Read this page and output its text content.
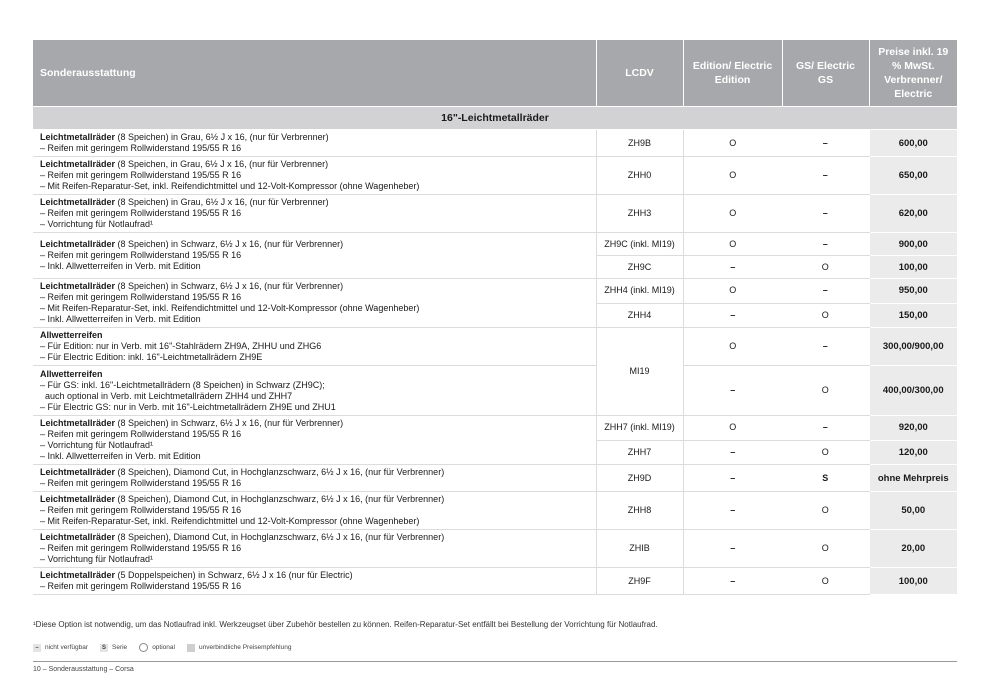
Sonderausstattung	LCDV	Edition/ Electric Edition	GS/ Electric GS	Preise inkl. 19 % MwSt. Verbrenner/ Electric
16"-Leichtmetallräder				
Leichtmetallräder (8 Speichen) in Grau, 6½ J x 16, (nur für Verbrenner)
– Reifen mit geringem Rollwiderstand 195/55 R 16	ZH9B	O	–	600,00
Leichtmetallräder (8 Speichen, in Grau, 6½ J x 16, (nur für Verbrenner)
– Reifen mit geringem Rollwiderstand 195/55 R 16
– Mit Reifen-Reparatur-Set, inkl. Reifendichtmittel und 12-Volt-Kompressor (ohne Wagenheber)	ZHH0	O	–	650,00
Leichtmetallräder (8 Speichen) in Grau, 6½ J x 16, (nur für Verbrenner)
– Reifen mit geringem Rollwiderstand 195/55 R 16
– Vorrichtung für Notlaufrad¹	ZHH3	O	–	620,00
Leichtmetallräder (8 Speichen) in Schwarz, 6½ J x 16, (nur für Verbrenner)
– Reifen mit geringem Rollwiderstand 195/55 R 16
– Inkl. Allwetterreifen in Verb. mit Edition	ZH9C (inkl. MI19)	O	–	900,00
	ZH9C	–	O	100,00
Leichtmetallräder (8 Speichen) in Schwarz, 6½ J x 16, (nur für Verbrenner)
– Reifen mit geringem Rollwiderstand 195/55 R 16
– Mit Reifen-Reparatur-Set, inkl. Reifendichtmittel und 12-Volt-Kompressor (ohne Wagenheber)
– Inkl. Allwetterreifen in Verb. mit Edition	ZHH4 (inkl. MI19)	O	–	950,00
	ZHH4	–	O	150,00
Allwetterreifen
– Für Edition: nur in Verb. mit 16"-Stahlrädern ZH9A, ZHHU und ZHG6
– Für Electric Edition: inkl. 16"-Leichtmetallrädern ZH9E	MI19	O	–	300,00/900,00
Allwetterreifen
– Für GS: inkl. 16"-Leichtmetallrädern (8 Speichen) in Schwarz (ZH9C);
auch optional in Verb. mit Leichtmetallrädern ZHH4 und ZHH7
– Für Electric GS: nur in Verb. mit 16"-Leichtmetallrädern ZH9E und ZHU1		–	O	400,00/300,00
Leichtmetallräder (8 Speichen) in Schwarz, 6½ J x 16, (nur für Verbrenner)
– Reifen mit geringem Rollwiderstand 195/55 R 16
– Vorrichtung für Notlaufrad¹
– Inkl. Allwetterreifen in Verb. mit Edition	ZHH7 (inkl. MI19)	O	–	920,00
	ZHH7	–	O	120,00
Leichtmetallräder (8 Speichen), Diamond Cut, in Hochglanzschwarz, 6½ J x 16, (nur für Verbrenner)
– Reifen mit geringem Rollwiderstand 195/55 R 16	ZH9D	–	S	ohne Mehrpreis
Leichtmetallräder (8 Speichen), Diamond Cut, in Hochglanzschwarz, 6½ J x 16, (nur für Verbrenner)
– Reifen mit geringem Rollwiderstand 195/55 R 16
– Mit Reifen-Reparatur-Set, inkl. Reifendichtmittel und 12-Volt-Kompressor (ohne Wagenheber)	ZHH8	–	O	50,00
Leichtmetallräder (8 Speichen), Diamond Cut, in Hochglanzschwarz, 6½ J x 16, (nur für Verbrenner)
– Reifen mit geringem Rollwiderstand 195/55 R 16
– Vorrichtung für Notlaufrad¹	ZHIB	–	O	20,00
Leichtmetallräder (5 Doppelspeichen) in Schwarz, 6½ J x 16 (nur für Electric)
– Reifen mit geringem Rollwiderstand 195/55 R 16	ZH9F	–	O	100,00
¹Diese Option ist notwendig, um das Notlaufrad inkl. Werkzeugset über Zubehör bestellen zu können. Reifen-Reparatur-Set entfällt bei Bestellung der Vorrichtung für Notlaufrad.
– nicht verfügbar	S Serie	optional	unverbindliche Preisempfehlung
10 – Sonderausstattung – Corsa
